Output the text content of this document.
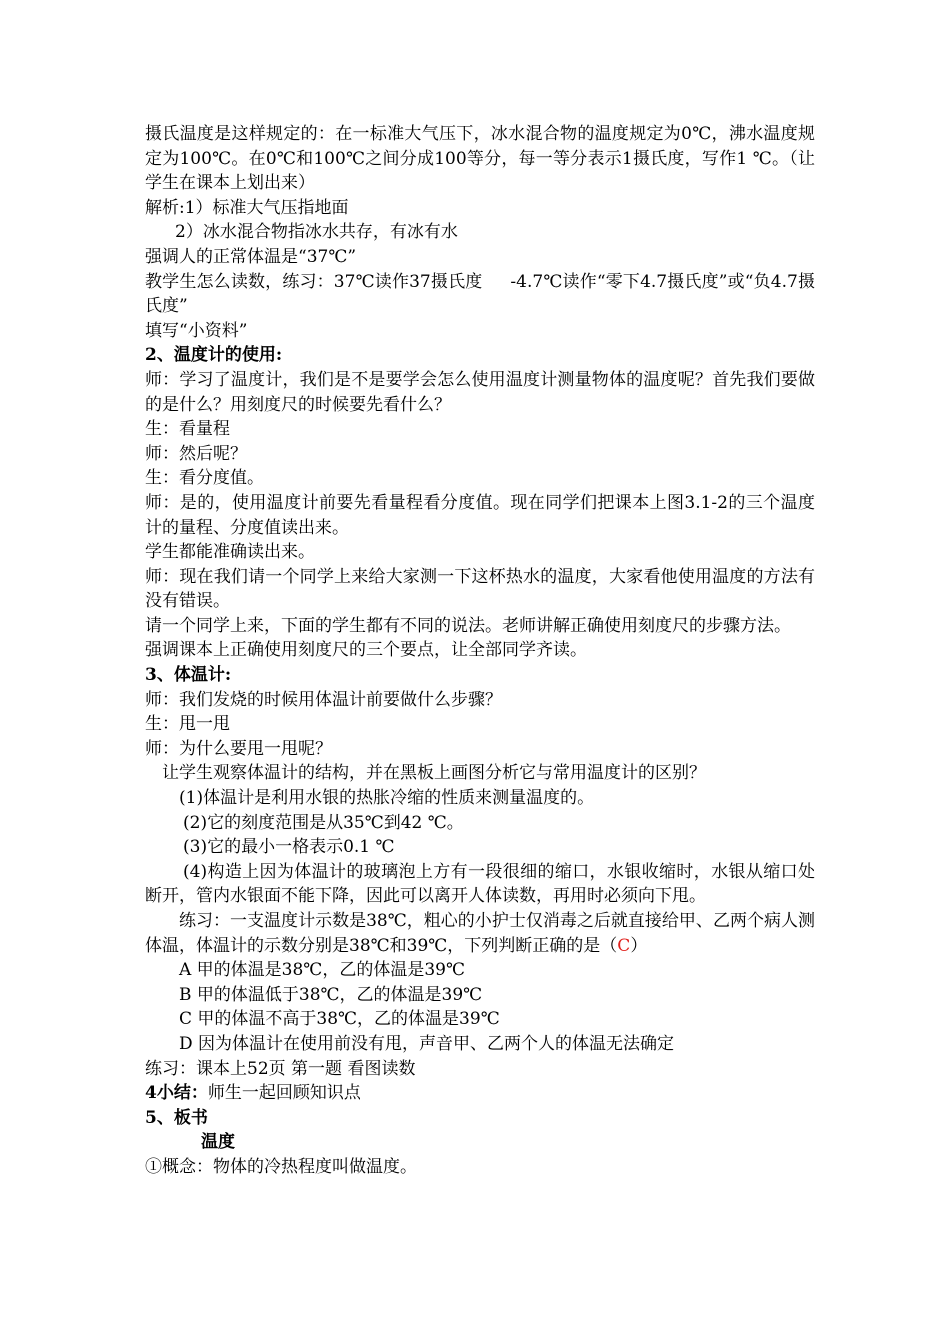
摄氏温度是这样规定的：在一标准大气压下，冰水混合物的温度规定为0℃，沸水温度规定为100℃。在0℃和100℃之间分成100等分，每一等分表示1摄氏度，写作1 ℃。（让学生在课本上划出来）
解析:1）标准大气压指地面
2）冰水混合物指冰水共存，有冰有水
强调人的正常体温是“37℃”
教学生怎么读数，练习：37℃读作37摄氏度 -4.7℃读作“零下4.7摄氏度”或“负4.7摄氏度”
填写“小资料”
2、温度计的使用:
师：学习了温度计，我们是不是要学会怎么使用温度计测量物体的温度呢？首先我们要做的是什么？用刻度尺的时候要先看什么？
生：看量程
师：然后呢？
生：看分度值。
师：是的，使用温度计前要先看量程看分度值。现在同学们把课本上图3.1-2的三个温度计的量程、分度值读出来。
学生都能准确读出来。
师：现在我们请一个同学上来给大家测一下这杯热水的温度，大家看他使用温度的方法有没有错误。
请一个同学上来，下面的学生都有不同的说法。老师讲解正确使用刻度尺的步骤方法。
强调课本上正确使用刻度尺的三个要点，让全部同学齐读。
3、体温计:
师：我们发烧的时候用体温计前要做什么步骤？
生：甩一甩
师：为什么要甩一甩呢？
让学生观察体温计的结构，并在黑板上画图分析它与常用温度计的区别？
(1)体温计是利用水银的热胀冷缩的性质来测量温度的。
(2)它的刻度范围是从35℃到42 ℃。
(3)它的最小一格表示0.1 ℃
(4)构造上因为体温计的玻璃泡上方有一段很细的缩口，水银收缩时，水银从缩口处断开，管内水银面不能下降，因此可以离开人体读数，再用时必须向下甩。
练习：一支温度计示数是38℃，粗心的小护士仅消毒之后就直接给甲、乙两个病人测体温，体温计的示数分别是38℃和39℃，下列判断正确的是（C）
A 甲的体温是38℃，乙的体温是39℃
B 甲的体温低于38℃，乙的体温是39℃
C 甲的体温不高于38℃，乙的体温是39℃
D 因为体温计在使用前没有甩，声音甲、乙两个人的体温无法确定
练习：课本上52页 第一题 看图读数
4小结：师生一起回顾知识点
5、板书
温度
①概念：物体的冷热程度叫做温度。
